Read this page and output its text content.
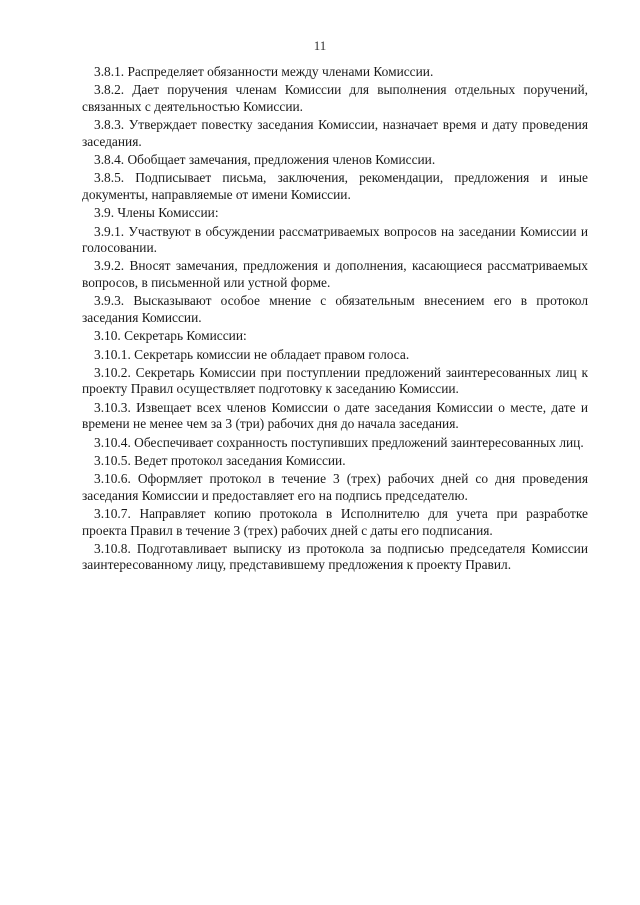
11

3.8.1. Распределяет обязанности между членами Комиссии.

3.8.2. Дает поручения членам Комиссии для выполнения отдельных поручений, связанных с деятельностью Комиссии.

3.8.3. Утверждает повестку заседания Комиссии, назначает время и дату проведения заседания.

3.8.4. Обобщает замечания, предложения членов Комиссии.

3.8.5. Подписывает письма, заключения, рекомендации, предложения и иные документы, направляемые от имени Комиссии.

3.9. Члены Комиссии:

3.9.1. Участвуют в обсуждении рассматриваемых вопросов на заседании Комиссии и голосовании.

3.9.2. Вносят замечания, предложения и дополнения, касающиеся рассматриваемых вопросов, в письменной или устной форме.

3.9.3. Высказывают особое мнение с обязательным внесением его в протокол заседания Комиссии.

3.10. Секретарь Комиссии:

3.10.1. Секретарь комиссии не обладает правом голоса.

3.10.2. Секретарь Комиссии при поступлении предложений заинтересованных лиц к проекту Правил осуществляет подготовку к заседанию Комиссии.

3.10.3. Извещает всех членов Комиссии о дате заседания Комиссии о месте, дате и времени не менее чем за 3 (три) рабочих дня до начала заседания.

3.10.4. Обеспечивает сохранность поступивших предложений заинтересованных лиц.

3.10.5. Ведет протокол заседания Комиссии.

3.10.6. Оформляет протокол в течение 3 (трех) рабочих дней со дня проведения заседания Комиссии и предоставляет его на подпись председателю.

3.10.7. Направляет копию протокола в Исполнителю для учета при разработке проекта Правил в течение 3 (трех) рабочих дней с даты его подписания.

3.10.8. Подготавливает выписку из протокола за подписью председателя Комиссии заинтересованному лицу, представившему предложения к проекту Правил.
